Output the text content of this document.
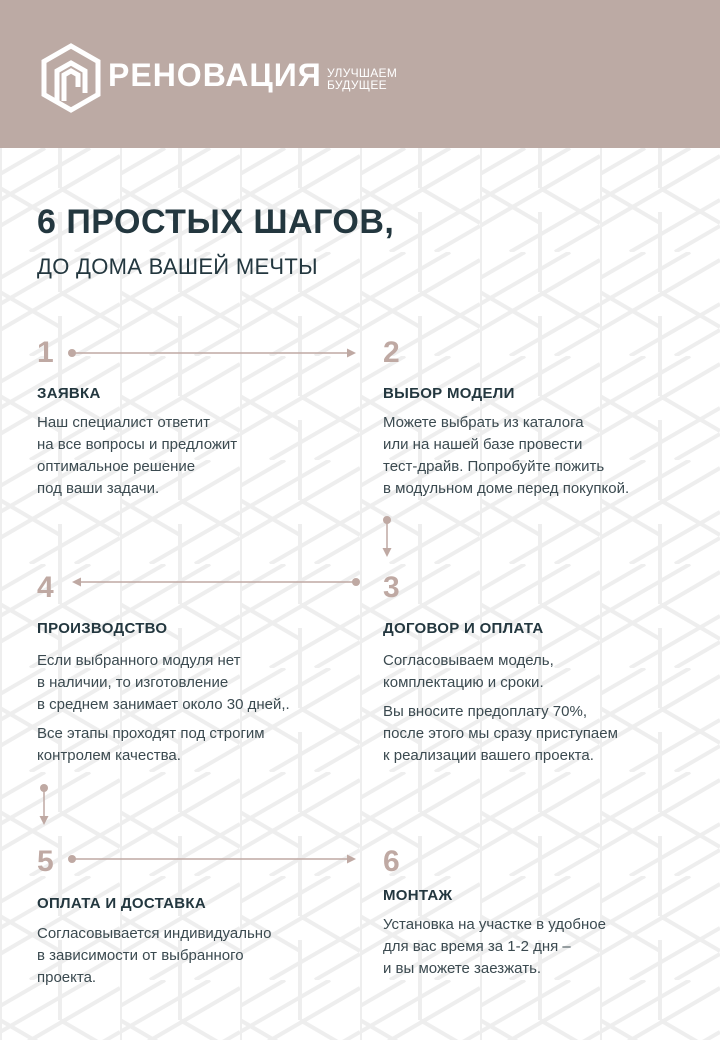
РЕНОВАЦИЯ УЛУЧШАЕМ
БУДУЩЕЕ
6 ПРОСТЫХ ШАГОВ,
ДО ДОМА ВАШЕЙ МЕЧТЫ
1
ЗАЯВКА
Наш специалист ответит
на все вопросы и предложит
оптимальное решение
под ваши задачи.
2
ВЫБОР МОДЕЛИ
Можете выбрать из каталога
или на нашей базе провести
тест-драйв. Попробуйте пожить
в модульном доме перед покупкой.
3
ДОГОВОР И ОПЛАТА
Согласовываем модель,
комплектацию и сроки.
Вы вносите предоплату 70%,
после этого мы сразу приступаем
к реализации вашего проекта.
4
ПРОИЗВОДСТВО
Если выбранного модуля нет
в наличии, то изготовление
в среднем занимает около 30 дней,.
Все этапы проходят под строгим
контролем качества.
5
ОПЛАТА И ДОСТАВКА
Согласовывается индивидуально
в зависимости от выбранного
проекта.
6
МОНТАЖ
Установка на участке в удобное
для вас время за 1-2 дня –
и вы можете заезжать.
